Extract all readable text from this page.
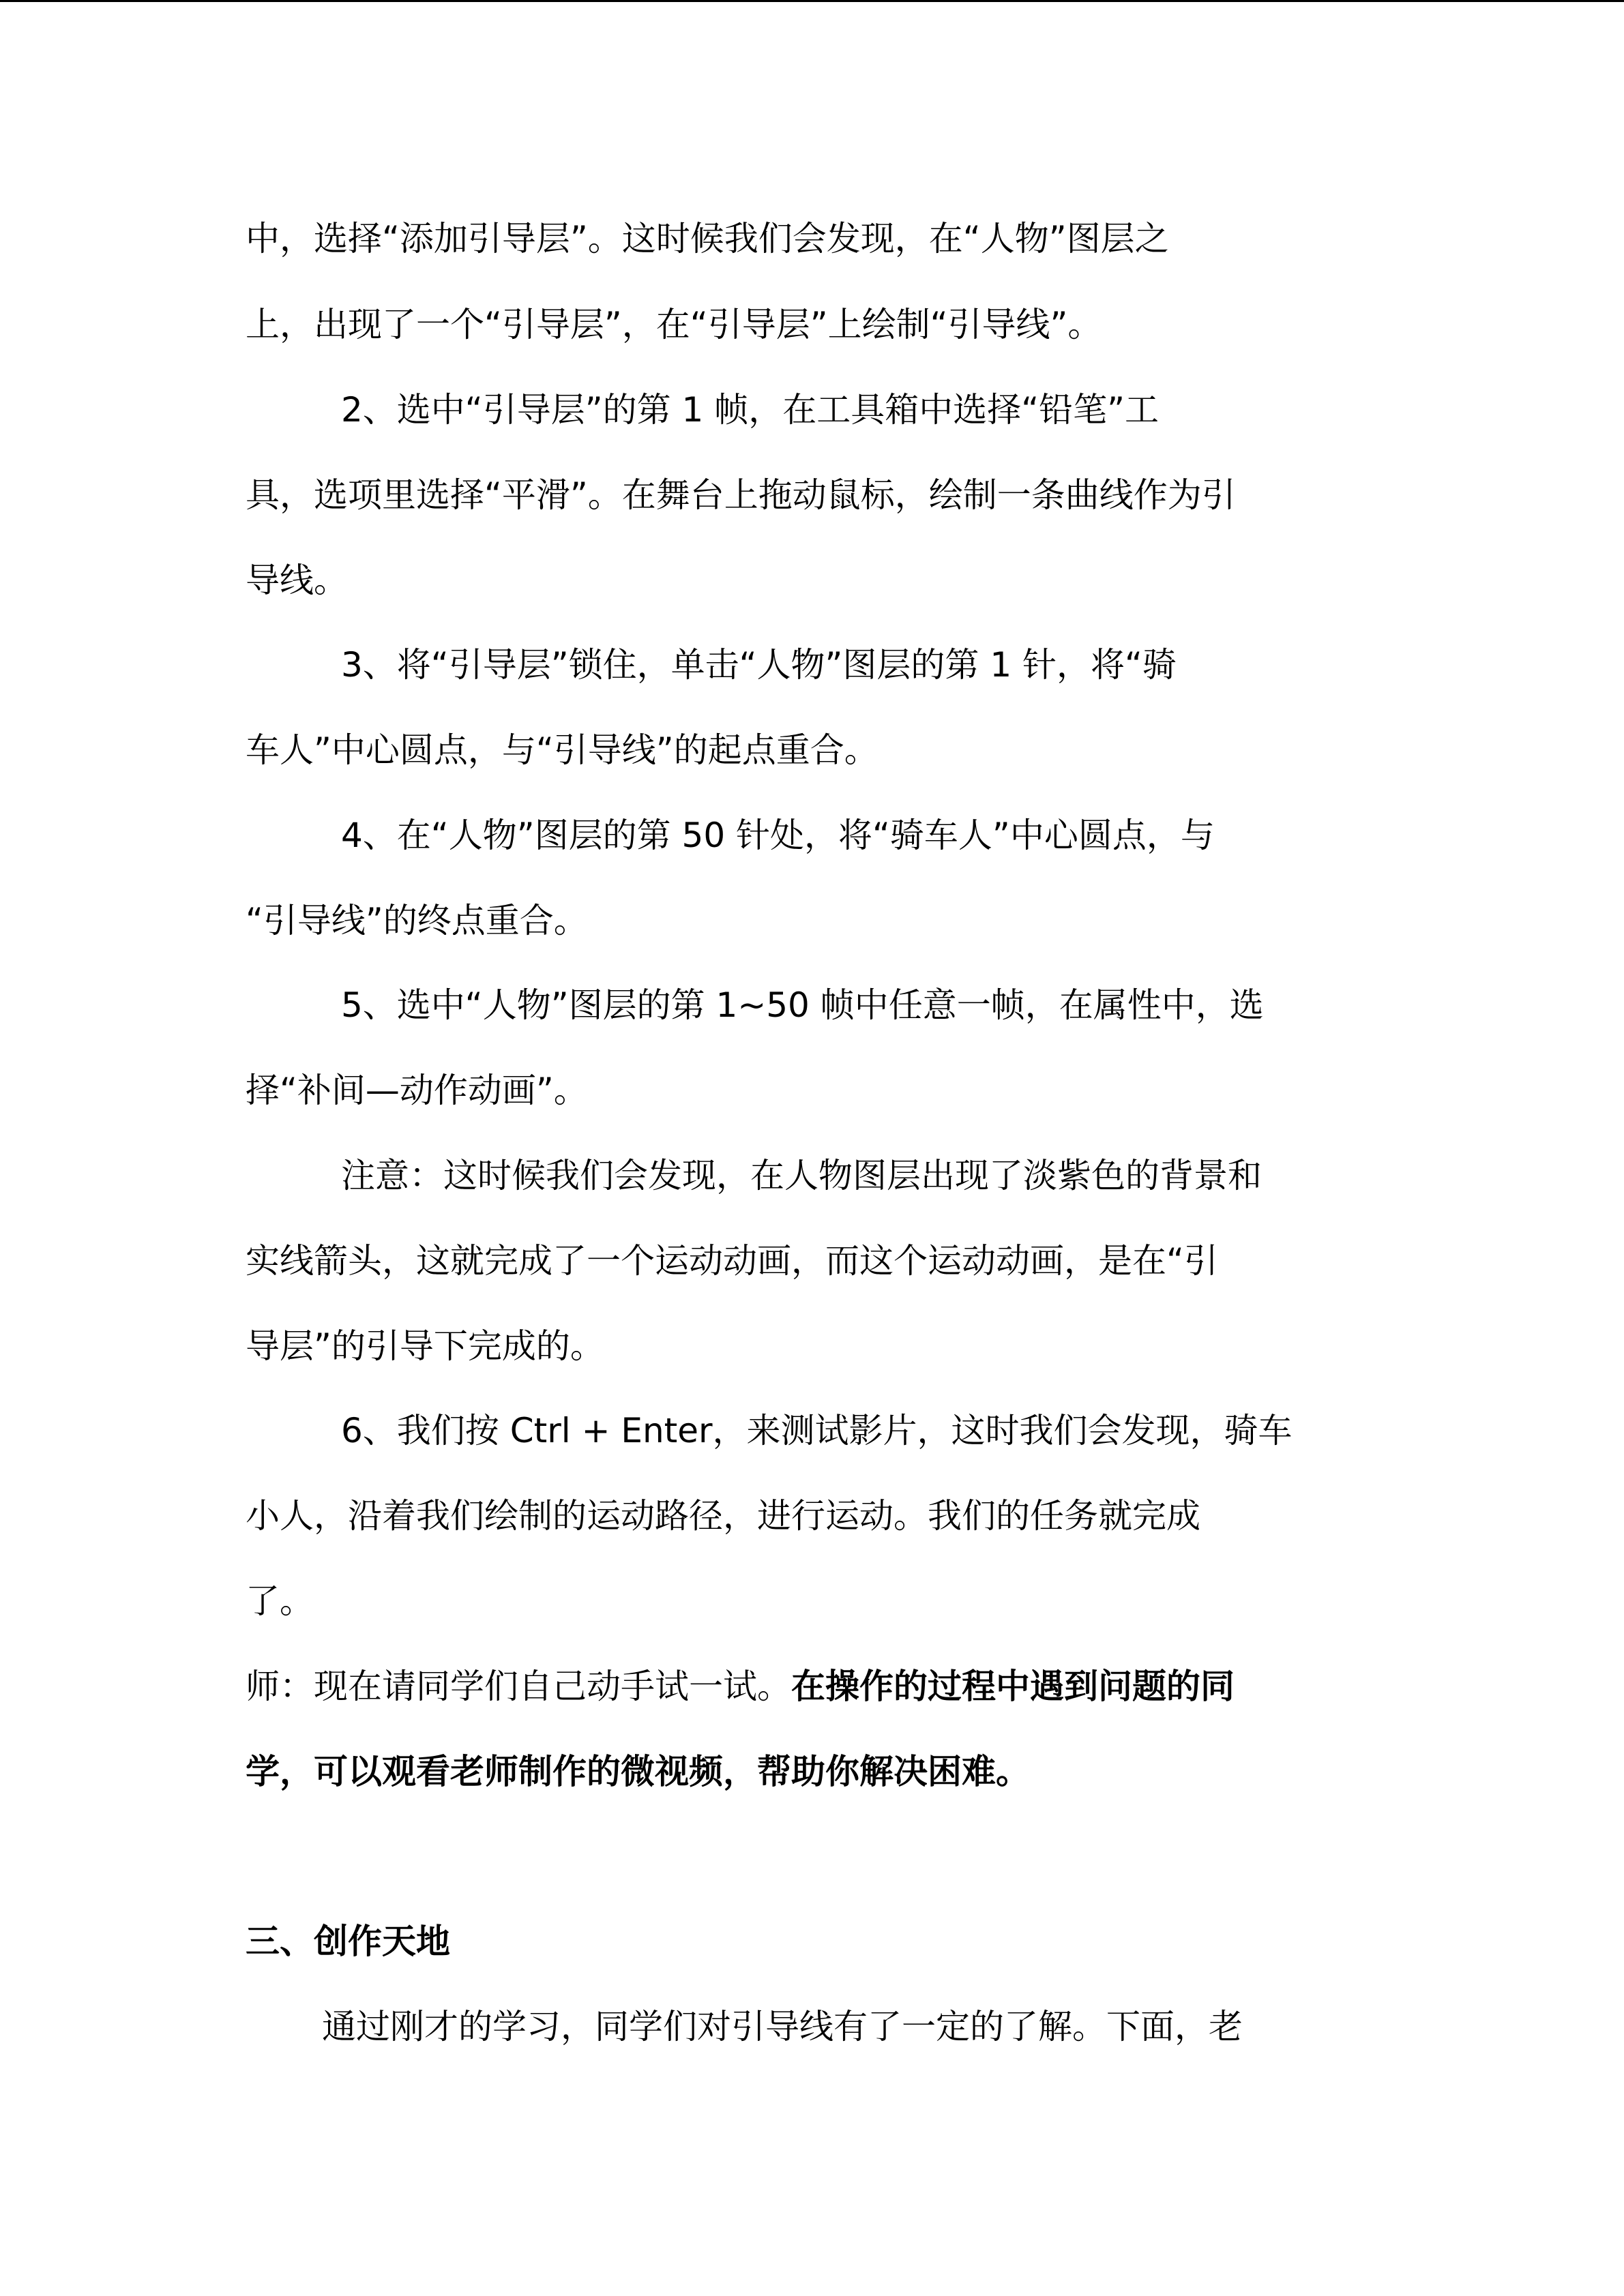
中，选择“添加引导层”。这时候我们会发现，在“人物”图层之
上，出现了一个“引导层”，在“引导层”上绘制“引导线”。
2、选中“引导层”的第 1 帧，在工具箱中选择“铅笔”工
具，选项里选择“平滑”。在舞台上拖动鼠标，绘制一条曲线作为引
导线。
3、将“引导层”锁住，单击“人物”图层的第 1 针，将“骑
车人”中心圆点，与“引导线”的起点重合。
4、在“人物”图层的第 50 针处，将“骑车人”中心圆点，与
“引导线”的终点重合。
5、选中“人物”图层的第 1~50 帧中任意一帧，在属性中，选
择“补间—动作动画”。
注意：这时候我们会发现，在人物图层出现了淡紫色的背景和
实线箭头，这就完成了一个运动动画，而这个运动动画，是在“引
导层”的引导下完成的。
6、我们按 Ctrl + Enter，来测试影片，这时我们会发现，骑车
小人，沿着我们绘制的运动路径，进行运动。我们的任务就完成
了。
师：现在请同学们自己动手试一试。在操作的过程中遇到问题的同
学，可以观看老师制作的微视频，帮助你解决困难。
三、创作天地
通过刚才的学习，同学们对引导线有了一定的了解。下面，老
